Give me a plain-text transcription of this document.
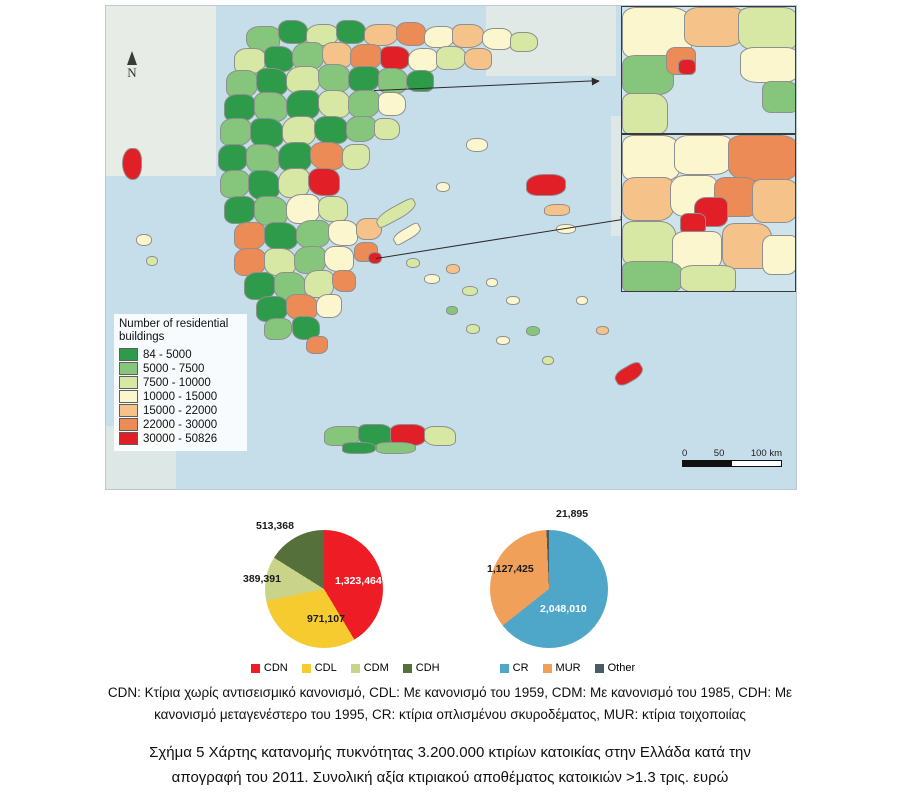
N
Number of residential
buildings
84 - 5000
5000 - 7500
7500 - 10000
10000 - 15000
15000 - 22000
22000 - 30000
30000 - 50826
0	50	100 km
1,323,464
971,107
389,391
513,368
2,048,010
1,127,425
21,895
CDN CDL CDM CDH	CR MUR Other
CDN: Κτίρια χωρίς αντισεισμικό κανονισμό, CDL: Με κανονισμό του 1959, CDM: Με κανονισμό του 1985, CDH: Με
κανονισμό μεταγενέστερο του 1995, CR: κτίρια οπλισμένου σκυροδέματος, MUR: κτίρια τοιχοποιίας
Σχήμα 5 Χάρτης κατανομής πυκνότητας 3.200.000 κτιρίων κατοικίας στην Ελλάδα κατά την
απογραφή του 2011. Συνολική αξία κτιριακού αποθέματος κατοικιών >1.3 τρις. ευρώ
